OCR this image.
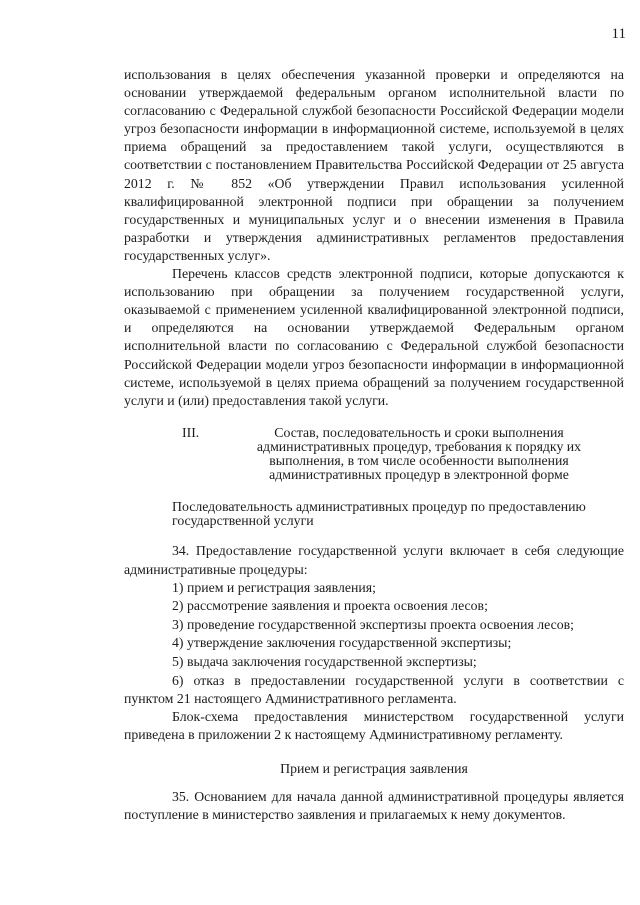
11

использования в целях обеспечения указанной проверки и определяются на основании утверждаемой федеральным органом исполнительной власти по согласованию с Федеральной службой безопасности Российской Федерации модели угроз безопасности информации в информационной системе, используемой в целях приема обращений за предоставлением такой услуги, осуществляются в соответствии с постановлением Правительства Российской Федерации от 25 августа 2012 г. № 852 «Об утверждении Правил использования усиленной квалифицированной электронной подписи при обращении за получением государственных и муниципальных услуг и о внесении изменения в Правила разработки и утверждения административных регламентов предоставления государственных услуг».

Перечень классов средств электронной подписи, которые допускаются к использованию при обращении за получением государственной услуги, оказываемой с применением усиленной квалифицированной электронной подписи, и определяются на основании утверждаемой Федеральным органом исполнительной власти по согласованию с Федеральной службой безопасности Российской Федерации модели угроз безопасности информации в информационной системе, используемой в целях приема обращений за получением государственной услуги и (или) предоставления такой услуги.

III.	Состав, последовательность и сроки выполнения административных процедур, требования к порядку их выполнения, в том числе особенности выполнения административных процедур в электронной форме
Последовательность административных процедур по предоставлению государственной услуги

34. Предоставление государственной услуги включает в себя следующие административные процедуры:

1) прием и регистрация заявления;
2) рассмотрение заявления и проекта освоения лесов;
3) проведение государственной экспертизы проекта освоения лесов;
4) утверждение заключения государственной экспертизы;
5) выдача заключения государственной экспертизы;

6) отказ в предоставлении государственной услуги в соответствии с пунктом 21 настоящего Административного регламента.

Блок-схема предоставления министерством государственной услуги приведена в приложении 2 к настоящему Административному регламенту.

Прием и регистрация заявления

35. Основанием для начала данной административной процедуры является поступление в министерство заявления и прилагаемых к нему документов.
